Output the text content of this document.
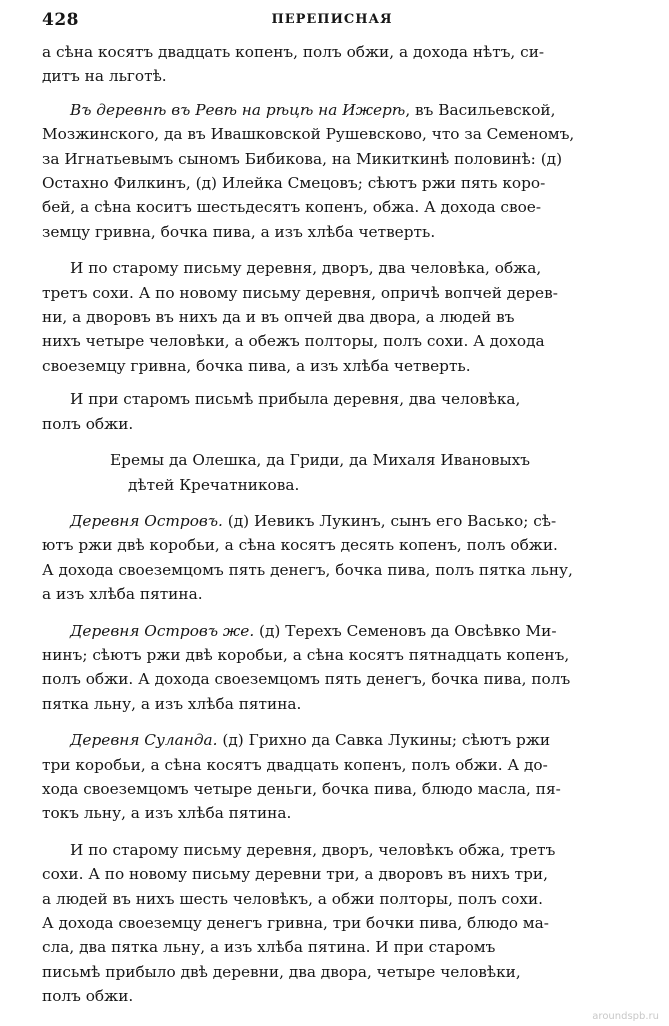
428	ПЕРЕПИСНАЯ

а сѣна косятъ двадцать копенъ, полъ обжи, а дохода нѣтъ, си-
дитъ на льготѣ.

Въ деревнѣ въ Ревѣ на рѣцѣ на Ижерѣ, въ Васильевской,
Мозжинского, да въ Ивашковской Рушевсково, что за Семеномъ,
за Игнатьевымъ сыномъ Бибикова, на Микиткинѣ половинѣ: (д)
Остахно Филкинъ, (д) Илейка Смецовъ; сѣютъ ржи пять коро-
бей, а сѣна коситъ шестьдесятъ копенъ, обжа. А дохода свое-
земцу гривна, бочка пива, а изъ хлѣба четверть.

И по старому письму деревня, дворъ, два человѣка, обжа,
третъ сохи. А по новому письму деревня, опричѣ вопчей дерев-
ни, а дворовъ въ нихъ да и въ опчей два двора, а людей въ
нихъ четыре человѣки, а обежъ полторы, полъ сохи. А дохода
своеземцу гривна, бочка пива, а изъ хлѣба четверть.

И при старомъ письмѣ прибыла деревня, два человѣка,
полъ обжи.

Еремы да Олешка, да Гриди, да Михаля Ивановыхъ
дѣтей Кречатникова.

Деревня Островъ. (д) Иевикъ Лукинъ, сынъ его Васько; сѣ-
ютъ ржи двѣ коробьи, а сѣна косятъ десять копенъ, полъ обжи.
А дохода своеземцомъ пять денегъ, бочка пива, полъ пятка льну,
а изъ хлѣба пятина.

Деревня Островъ же. (д) Терехъ Семеновъ да Овсѣвко Ми-
нинъ; сѣютъ ржи двѣ коробьи, а сѣна косятъ пятнадцать копенъ,
полъ обжи. А дохода своеземцомъ пять денегъ, бочка пива, полъ
пятка льну, а изъ хлѣба пятина.

Деревня Суланда. (д) Грихно да Савка Лукины; сѣютъ ржи
три коробьи, а сѣна косятъ двадцать копенъ, полъ обжи. А до-
хода своеземцомъ четыре деньги, бочка пива, блюдо масла, пя-
токъ льну, а изъ хлѣба пятина.

И по старому письму деревня, дворъ, человѣкъ обжа, третъ
сохи. А по новому письму деревни три, а дворовъ въ нихъ три,
а людей въ нихъ шесть человѣкъ, а обжи полторы, полъ сохи.
А дохода своеземцу денегъ гривна, три бочки пива, блюдо ма-
сла, два пятка льну, а изъ хлѣба пятина. И при старомъ
письмѣ прибыло двѣ деревни, два двора, четыре человѣки,
полъ обжи.

aroundspb.ru
